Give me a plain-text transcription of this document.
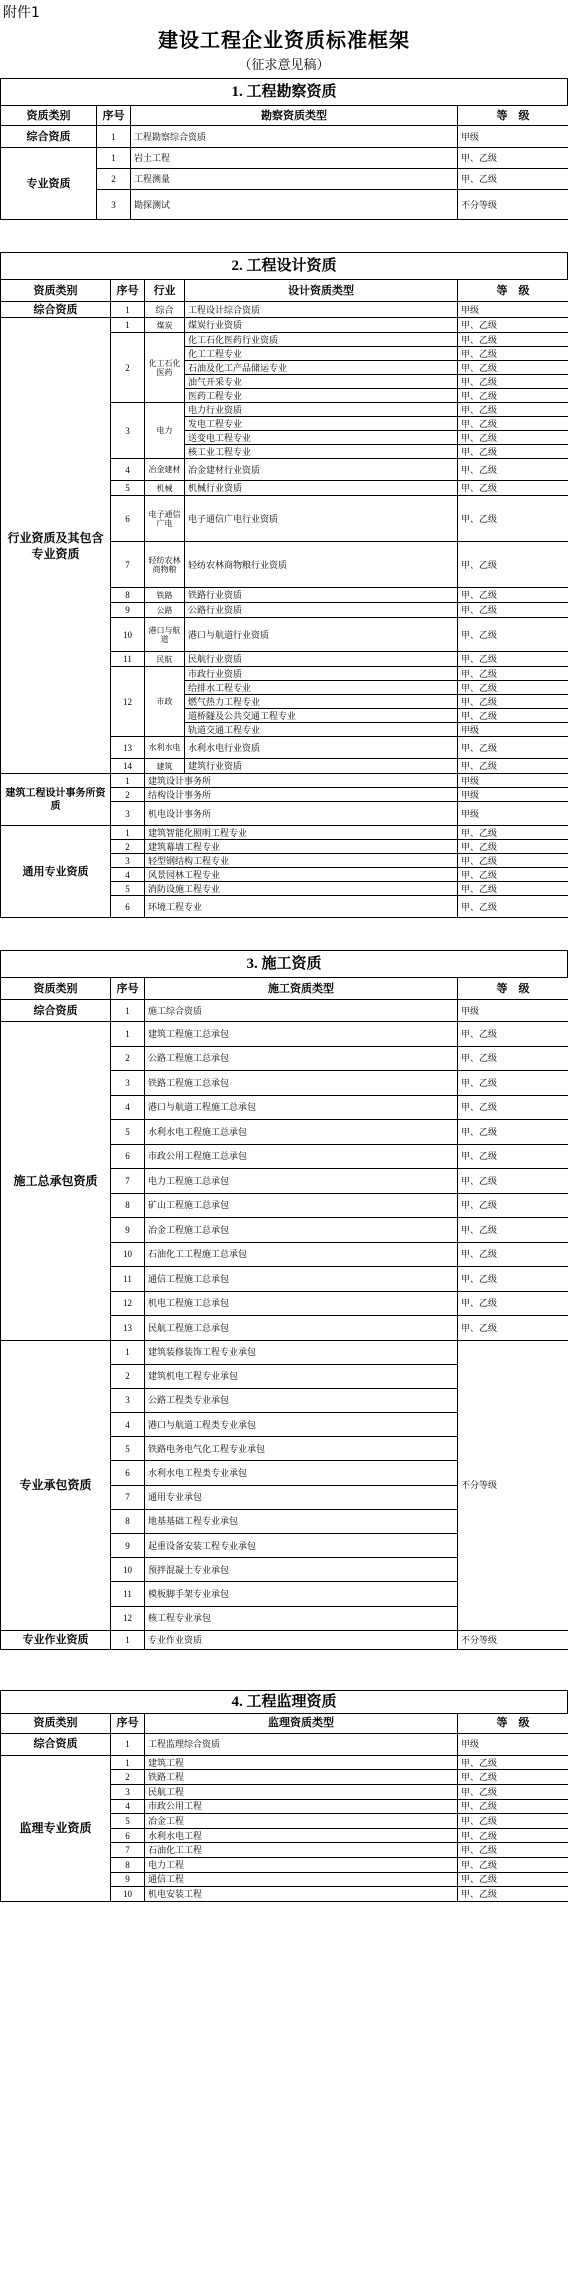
附件1
建设工程企业资质标准框架
（征求意见稿）
1. 工程勘察资质
资质类别	序号	勘察资质类型	等　级
综合资质	1	工程勘察综合资质	甲级
专业资质	1	岩土工程	甲、乙级
	2	工程测量	甲、乙级
	3	勘探测试	不分等级
2. 工程设计资质
资质类别	序号	行业	设计资质类型	等　级
综合资质	1	综合	工程设计综合资质	甲级
行业资质及其包含专业资质	1	煤炭	煤炭行业资质	甲、乙级
	2	化工石化医药	化工石化医药行业资质	甲、乙级
			化工工程专业	甲、乙级
			石油及化工产品储运专业	甲、乙级
			油气开采专业	甲、乙级
			医药工程专业	甲、乙级
	3	电力	电力行业资质	甲、乙级
			发电工程专业	甲、乙级
			送变电工程专业	甲、乙级
			核工业工程专业	甲、乙级
	4	冶金建材	冶金建材行业资质	甲、乙级
	5	机械	机械行业资质	甲、乙级
	6	电子通信广电	电子通信广电行业资质	甲、乙级
	7	轻纺农林商物粮	轻纺农林商物粮行业资质	甲、乙级
	8	铁路	铁路行业资质	甲、乙级
	9	公路	公路行业资质	甲、乙级
	10	港口与航道	港口与航道行业资质	甲、乙级
	11	民航	民航行业资质	甲、乙级
	12	市政	市政行业资质	甲、乙级
			给排水工程专业	甲、乙级
			燃气热力工程专业	甲、乙级
			道桥隧及公共交通工程专业	甲、乙级
			轨道交通工程专业	甲级
	13	水利水电	水利水电行业资质	甲、乙级
	14	建筑	建筑行业资质	甲、乙级
建筑工程设计事务所资质	1	建筑设计事务所		甲级
	2	结构设计事务所		甲级
	3	机电设计事务所		甲级
通用专业资质	1	建筑智能化照明工程专业		甲、乙级
	2	建筑幕墙工程专业		甲、乙级
	3	轻型钢结构工程专业		甲、乙级
	4	风景园林工程专业		甲、乙级
	5	消防设施工程专业		甲、乙级
	6	环境工程专业		甲、乙级
3. 施工资质
资质类别	序号	施工资质类型	等　级
综合资质	1	施工综合资质	甲级
施工总承包资质	1	建筑工程施工总承包	甲、乙级
	2	公路工程施工总承包	甲、乙级
	3	铁路工程施工总承包	甲、乙级
	4	港口与航道工程施工总承包	甲、乙级
	5	水利水电工程施工总承包	甲、乙级
	6	市政公用工程施工总承包	甲、乙级
	7	电力工程施工总承包	甲、乙级
	8	矿山工程施工总承包	甲、乙级
	9	冶金工程施工总承包	甲、乙级
	10	石油化工工程施工总承包	甲、乙级
	11	通信工程施工总承包	甲、乙级
	12	机电工程施工总承包	甲、乙级
	13	民航工程施工总承包	甲、乙级
专业承包资质	1	建筑装修装饰工程专业承包	不分等级
	2	建筑机电工程专业承包	
	3	公路工程类专业承包	
	4	港口与航道工程类专业承包	
	5	铁路电务电气化工程专业承包	
	6	水利水电工程类专业承包	
	7	通用专业承包	
	8	地基基础工程专业承包	
	9	起重设备安装工程专业承包	
	10	预拌混凝土专业承包	
	11	模板脚手架专业承包	
	12	核工程专业承包	
专业作业资质	1	专业作业资质	不分等级
4. 工程监理资质
资质类别	序号	监理资质类型	等　级
综合资质	1	工程监理综合资质	甲级
监理专业资质	1	建筑工程	甲、乙级
	2	铁路工程	甲、乙级
	3	民航工程	甲、乙级
	4	市政公用工程	甲、乙级
	5	冶金工程	甲、乙级
	6	水利水电工程	甲、乙级
	7	石油化工工程	甲、乙级
	8	电力工程	甲、乙级
	9	通信工程	甲、乙级
	10	机电安装工程	甲、乙级
